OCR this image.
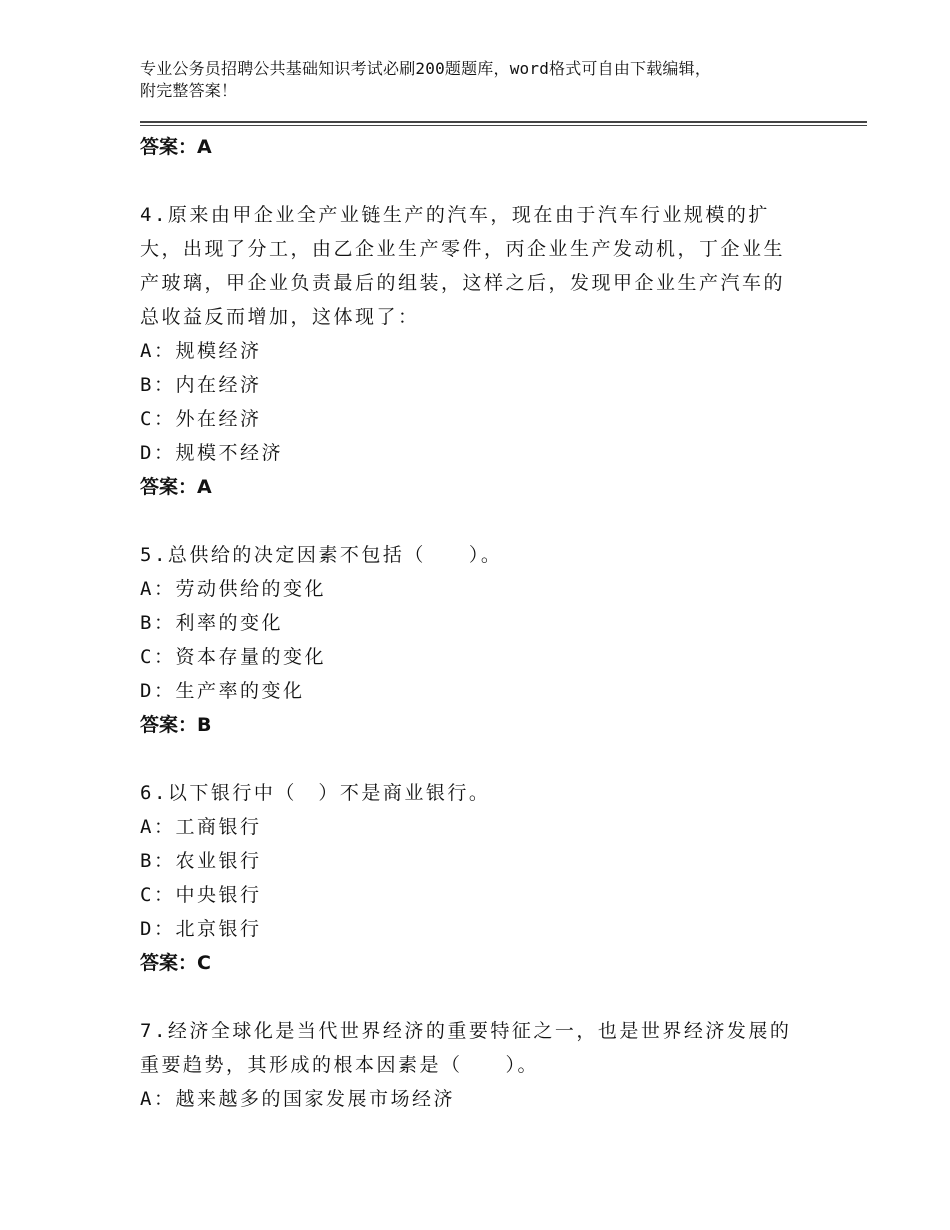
专业公务员招聘公共基础知识考试必刷200题题库，word格式可自由下载编辑，
附完整答案！
答案：A
4.原来由甲企业全产业链生产的汽车，现在由于汽车行业规模的扩
大，出现了分工，由乙企业生产零件，丙企业生产发动机，丁企业生
产玻璃，甲企业负责最后的组装，这样之后，发现甲企业生产汽车的
总收益反而增加，这体现了：
A：规模经济
B：内在经济
C：外在经济
D：规模不经济
答案：A
5.总供给的决定因素不包括（　　）。
A：劳动供给的变化
B：利率的变化
C：资本存量的变化
D：生产率的变化
答案：B
6.以下银行中（　）不是商业银行。
A：工商银行
B：农业银行
C：中央银行
D：北京银行
答案：C
7.经济全球化是当代世界经济的重要特征之一，也是世界经济发展的
重要趋势，其形成的根本因素是（　　）。
A：越来越多的国家发展市场经济
